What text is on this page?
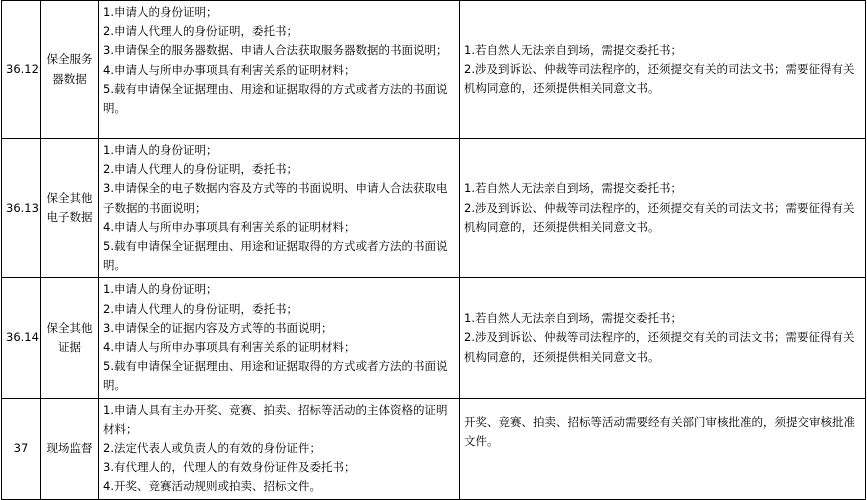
36.12	保全服务器数据	1.申请人的身份证明；
2.申请人代理人的身份证明，委托书；
3.申请保全的服务器数据、申请人合法获取服务器数据的书面说明；
4.申请人与所申办事项具有利害关系的证明材料；
5.载有申请保全证据理由、用途和证据取得的方式或者方法的书面说明。	1.若自然人无法亲自到场，需提交委托书；
2.涉及到诉讼、仲裁等司法程序的，还须提交有关的司法文书；需要征得有关机构同意的，还须提供相关同意文书。

36.13	保全其他电子数据	1.申请人的身份证明；
2.申请人代理人的身份证明，委托书；
3.申请保全的电子数据内容及方式等的书面说明、申请人合法获取电子数据的书面说明；
4.申请人与所申办事项具有利害关系的证明材料；
5.载有申请保全证据理由、用途和证据取得的方式或者方法的书面说明。	1.若自然人无法亲自到场，需提交委托书；
2.涉及到诉讼、仲裁等司法程序的，还须提交有关的司法文书；需要征得有关机构同意的，还须提供相关同意文书。

36.14	保全其他证据	1.申请人的身份证明；
2.申请人代理人的身份证明，委托书；
3.申请保全的证据内容及方式等的书面说明；
4.申请人与所申办事项具有利害关系的证明材料；
5.载有申请保全证据理由、用途和证据取得的方式或者方法的书面说明。	1.若自然人无法亲自到场，需提交委托书；
2.涉及到诉讼、仲裁等司法程序的，还须提交有关的司法文书；需要征得有关机构同意的，还须提供相关同意文书。

37	现场监督	1.申请人具有主办开奖、竞赛、拍卖、招标等活动的主体资格的证明材料；
2.法定代表人或负责人的有效的身份证件；
3.有代理人的，代理人的有效身份证件及委托书；
4.开奖、竞赛活动规则或拍卖、招标文件。	开奖、竞赛、拍卖、招标等活动需要经有关部门审核批准的，须提交审核批准文件。
